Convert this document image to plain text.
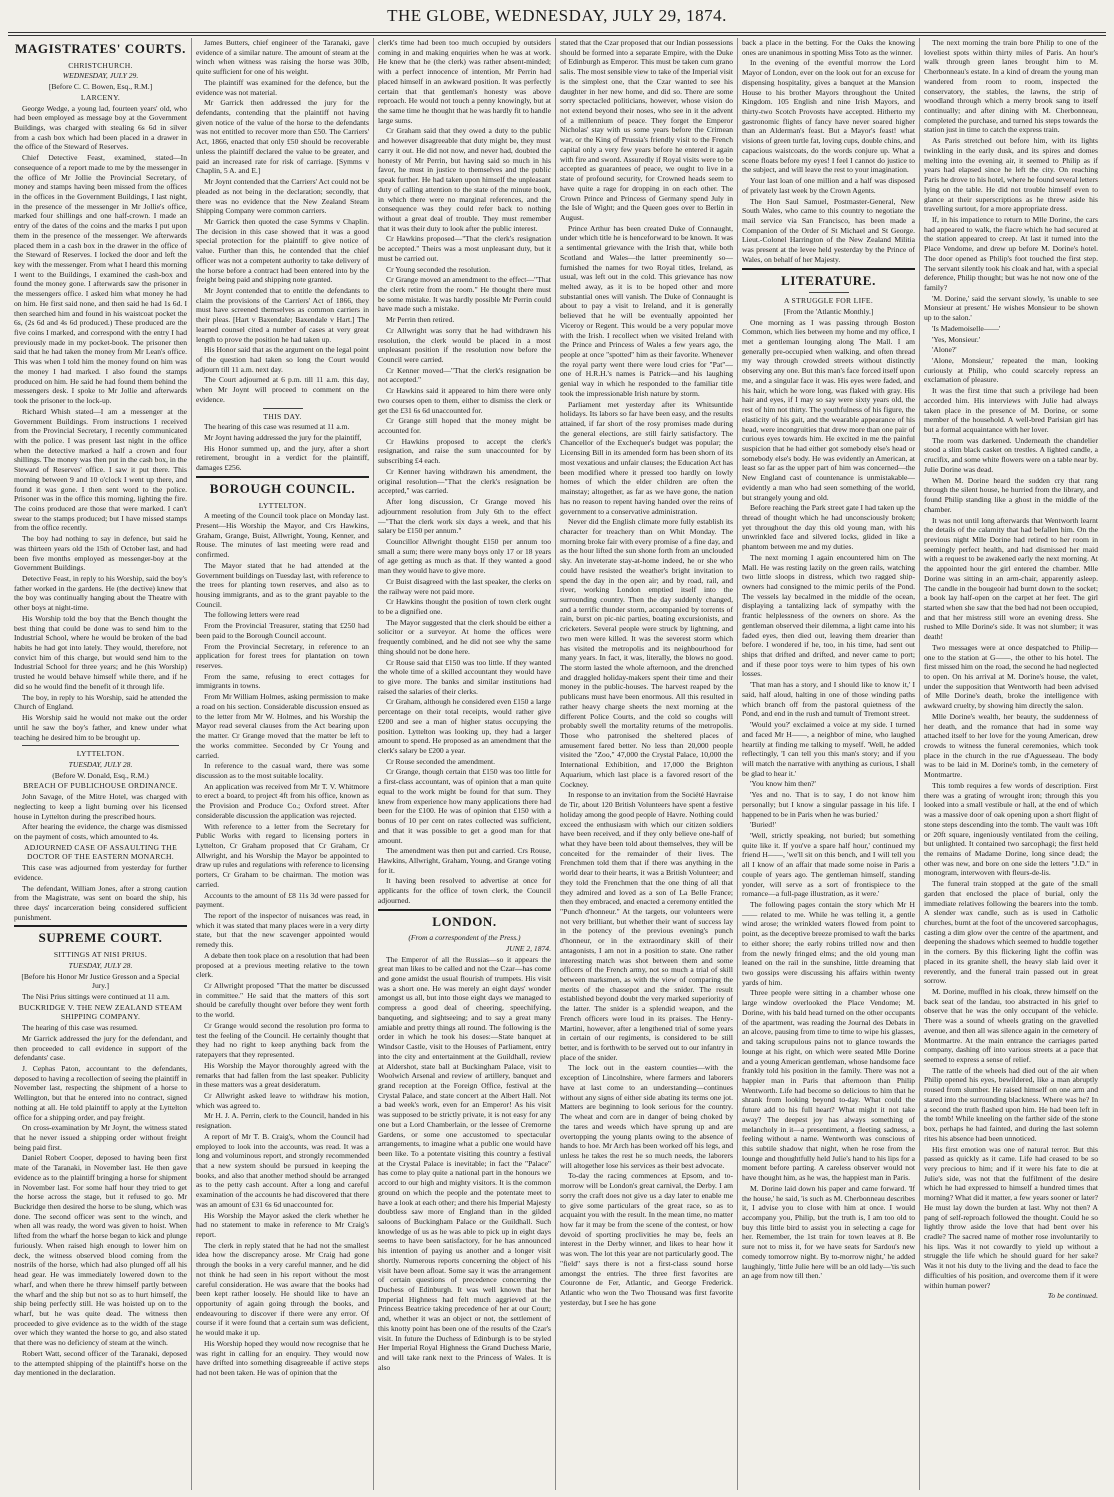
THE GLOBE, WEDNESDAY, JULY 29, 1874.
MAGISTRATES' COURTS.

CHRISTCHURCH.

WEDNESDAY, JULY 29.

[Before C. C. Bowen, Esq., R.M.]

LARCENY.

George Wedge, a young lad, fourteen years' old, who had been employed as message boy at the Government Buildings, was charged with stealing 6s 6d in silver from a cash box which had been placed in a drawer in the office of the Steward of Reserves.

Chief Detective Feast, examined, stated—In consequence of a report made to me by the messenger in the office of Mr Jollie the Provincial Secretary, of money and stamps having been missed from the offices in the offices in the Government Buildings, I last night, in the presence of the messenger in Mr Jollie's office, marked four shillings and one half-crown. I made an entry of the dates of the coins and the marks I put upon them in the presence of the messenger. We afterwards placed them in a cash box in the drawer in the office of the Steward of Reserves. I locked the door and left the key with the messenger. From what I heard this morning I went to the Buildings, I examined the cash-box and found the money gone. I afterwards saw the prisoner in the messengers office. I asked him what money he had on him. He first said none, and then said he had 1s 6d. I then searched him and found in his waistcoat pocket the 6s, (2s 6d and 4s 6d produced.) These produced are the five coins I marked, and correspond with the entry I had previously made in my pocket-book. The prisoner then said that he had taken the money from Mr Lean's office. This was when I told him the money found on him was the money I had marked. I also found the stamps produced on him. He said he had found them behind the messengers desk. I spoke to Mr Jollie and afterwards took the prisoner to the lock-up.

Richard Whish stated—I am a messenger at the Government Buildings. From instructions I received from the Provincial Secretary, I recently communicated with the police. I was present last night in the office when the detective marked a half a crown and four shillings. The money was then put in the cash box, in the Steward of Reserves' office. I saw it put there. This morning between 9 and 10 o'clock I went up there, and found it was gone. I then sent word to the police. Prisoner was in the office this morning, lighting the fire. The coins produced are those that were marked. I can't swear to the stamps produced; but I have missed stamps from the office recently.

The boy had nothing to say in defence, but said he was thirteen years old the 15th of October last, and had been five months employed as messenger-boy at the Government Buildings.

Detective Feast, in reply to his Worship, said the boy's father worked in the gardens. He (the dective) knew that the boy was continually hanging about the Theatre with other boys at night-time.

His Worship told the boy that the Bench thought the best thing that could be done was to send him to the Industrial School, where he would be broken of the bad habits he had got into lately. They would, therefore, not convict him of this charge, but would send him to the Industrial School for three years; and he (his Worship) trusted he would behave himself while there, and if he did so he would find the benefit of it through life.

The boy, in reply to his Worship, said he attended the Church of England.

His Worship said he would not make out the order until he saw the boy's father, and knew under what teaching he desired him to be brought up.

LYTTELTON.

TUESDAY, JULY 28.

(Before W. Donald, Esq., R.M.)

BREACH OF PUBLICHOUSE ORDINANCE.

John Savage, of the Mitre Hotel, was charged with neglecting to keep a light burning over his licensed house in Lyttelton during the prescribed hours.

After hearing the evidence, the charge was dismissed on the payment of costs, which amounted to 4s.

ADJOURNED CASE OF ASSAULTING THE DOCTOR OF THE EASTERN MONARCH.

This case was adjourned from yesterday for further evidence.

The defendant, William Jones, after a strong caution from the Magistrate, was sent on board the ship, his three days' incarceration being considered sufficient punishment.

SUPREME COURT.

SITTINGS AT NISI PRIUS.

TUESDAY, JULY 28.

[Before his Honor Mr Justice Gresson and a Special Jury.]

The Nisi Prius sittings were continued at 11 a.m.

BUCKRIDGE V. THE NEW ZEALAND STEAM SHIPPING COMPANY.

The hearing of this case was resumed.

Mr Garrick addressed the jury for the defendant, and then proceeded to call evidence in support of the defendants' case.

J. Cephas Paton, accountant to the defendants, deposed to having a recollection of seeing the plaintiff in November last, respecting the shipment of a horse to Wellington, but that he entered into no contract, signed nothing at all. He told plaintiff to apply at the Lyttelton office for a shipping order, and pay freight.

On cross-examination by Mr Joynt, the witness stated that he never issued a shipping order without freight being paid first.

Daniel Robert Cooper, deposed to having been first mate of the Taranaki, in November last. He then gave evidence as to the plaintiff bringing a horse for shipment in November last. For some half hour they tried to get the horse across the stage, but it refused to go. Mr Buckridge then desired the horse to be slung, which was done. The second officer was sent to the winch, and when all was ready, the word was given to hoist. When lifted from the wharf the horse began to kick and plunge furiously. When raised high enough to lower him on deck, the witness observed blood coming from the nostrils of the horse, which had also plunged off all his head gear. He was immediately lowered down to the wharf, and when there he threw himself partly between the wharf and the ship but not so as to hurt himself, the ship being perfectly still. He was hoisted up on to the wharf, but he was quite dead. The witness then proceeded to give evidence as to the width of the stage over which they wanted the horse to go, and also stated that there was no deficiency of steam at the winch.

Robert Watt, second officer of the Taranaki, deposed to the attempted shipping of the plaintiff's horse on the day mentioned in the declaration.

James Butters, chief engineer of the Taranaki, gave evidence of a similar nature. The amount of steam at the winch when witness was raising the horse was 30lb, quite sufficient for one of his weight.

The plaintiff was examined for the defence, but the evidence was not material.

Mr Garrick then addressed the jury for the defendants, contending that the plaintiff not having given notice of the value of the horse to the defendants was not entitled to recover more than £50. The Carriers' Act, 1866, enacted that only £50 should be recoverable unless the plaintiff declared the value to be greater, and paid an increased rate for risk of carriage. [Symms v Chaplin, 5 A. and E.]

Mr Joynt contended that the Carriers' Act could not be pleaded as not being in the declaration; secondly, that there was no evidence that the New Zealand Steam Shipping Company were common carriers.

Mr Garrick then quoted the case Symms v Chaplin. The decision in this case showed that it was a good special protection for the plaintiff to give notice of value. Further than this, he contended that the chief officer was not a competent authority to take delivery of the horse before a contract had been entered into by the freight being paid and shipping note granted.

Mr Joynt contended that to entitle the defendants to claim the provisions of the Carriers' Act of 1866, they must have screened themselves as common carriers in their pleas. [Hart v Baxendale; Baxendale v Hart.] The learned counsel cited a number of cases at very great length to prove the position he had taken up.

His Honor said that as the argument on the legal point of the question had taken so long the Court would adjourn till 11 a.m. next day.

The Court adjourned at 6 p.m. till 11 a.m. this day, when Mr Joynt will proceed to comment on the evidence.

THIS DAY.

The hearing of this case was resumed at 11 a.m.

Mr Joynt having addressed the jury for the plaintiff,

His Honor summed up, and the jury, after a short retirement, brought in a verdict for the plaintiff, damages £256.

BOROUGH COUNCIL.

LYTTELTON.

A meeting of the Council took place on Monday last. Present—His Worship the Mayor, and Crs Hawkins, Graham, Grange, Buist, Allwright, Young, Kenner, and Rouse. The minutes of last meeting were read and confirmed.

The Mayor stated that he had attended at the Government buildings on Tuesday last, with reference to the trees for planting town reserves, and also as to housing immigrants, and as to the grant payable to the Council.

The following letters were read

From the Provincial Treasurer, stating that £250 had been paid to the Borough Council account.

From the Provincial Secretary, in reference to an application for forest trees for plantation on town reserves.

From the same, refusing to erect cottages for immigrants in towns.

From Mr William Holmes, asking permission to make a road on his section. Considerable discussion ensued as to the letter from Mr W. Holmes, and his Worship the Mayor read several clauses from the Act bearing upon the matter. Cr Grange moved that the matter be left to the works committee. Seconded by Cr Young and carried.

In reference to the casual ward, there was some discussion as to the most suitable locality.

An application was received from Mr T. V. Whitmore to erect a board, to project 4ft from his office, known as the Provision and Produce Co.; Oxford street. After considerable discussion the application was rejected.

With reference to a letter from the Secretary for Public Works with regard to licensing porters in Lyttelton, Cr Graham proposed that Cr Graham, Cr Allwright, and his Worship the Mayor be appointed to draw up rules and regulations with reference to licensing porters, Cr Graham to be chairman. The motion was carried.

Accounts to the amount of £8 11s 3d were passed for payment.

The report of the inspector of nuisances was read, in which it was stated that many places were in a very dirty state, but that the new scavenger appointed would remedy this.

A debate then took place on a resolution that had been proposed at a previous meeting relative to the town clerk.

Cr Allwright proposed "That the matter be discussed in committee." He said that the matters of this sort should be carefully thought over before they went forth to the world.

Cr Grange would second the resolution pro forma to test the feeling of the Council. He certainly thought that they had no right to keep anything back from the ratepayers that they represented.

His Worship the Mayor thoroughly agreed with the remarks that had fallen from the last speaker. Publicity in these matters was a great desideratum.

Cr Allwright asked leave to withdraw his motion, which was agreed to.

Mr H. J. A. Perrin, clerk to the Council, handed in his resignation.

A report of Mr T. B. Craig's, whom the Council had employed to look into the accounts, was read. It was a long and voluminous report, and strongly recommended that a new system should be pursued in keeping the books, and also that another method should be arranged as to the petty cash account. After a long and careful examination of the accounts he had discovered that there was an amount of £31 6s 6d unaccounted for.

His Worship the Mayor asked the clerk whether he had no statement to make in reference to Mr Craig's report.

The clerk in reply stated that he had not the smallest idea how the discrepancy arose. Mr Craig had gone through the books in a very careful manner, and he did not think he had seen in his report without the most careful consideration. He was aware that the books had been kept rather loosely. He should like to have an opportunity of again going through the books, and endeavouring to discover if there were any error. Of course if it were found that a certain sum was deficient, he would make it up.

His Worship hoped they would now recognise that he was right in calling for an enquiry. They would now have drifted into something disagreeable if active steps had not been taken. He was of opinion that the

clerk's time had been too much occupied by outsiders coming in and making enquiries when he was at work. He knew that he (the clerk) was rather absent-minded; with a perfect innocence of intention, Mr Perrin had placed himself in an awkward position. It was perfectly certain that that gentleman's honesty was above reproach. He would not touch a penny knowingly, but at the same time he thought that he was hardly fit to handle large sums.

Cr Graham said that they owed a duty to the public and however disagreeable that duty might be, they must carry it out. He did not now, and never had, doubted the honesty of Mr Perrin, but having said so much in his favor, he must in justice to themselves and the public speak further. He had taken upon himself the unpleasant duty of calling attention to the state of the minute book, in which there were no marginal references, and the consequence was they could refer back to nothing without a great deal of trouble. They must remember that it was their duty to look after the public interest.

Cr Hawkins proposed—"That the clerk's resignation be accepted." Theirs was a most unpleasant duty, but it must be carried out.

Cr Young seconded the resolution.

Cr Grange moved an amendment to the effect—"That the clerk retire from the room." He thought there must be some mistake. It was hardly possible Mr Perrin could have made such a mistake.

Mr Perrin then retired.

Cr Allwright was sorry that he had withdrawn his resolution, the clerk would be placed in a most unpleasant position if the resolution now before the Council were carried.

Cr Kenner moved—"That the clerk's resignation be not accepted."

Cr Hawkins said it appeared to him there were only two courses open to them, either to dismiss the clerk or get the £31 6s 6d unaccounted for.

Cr Grange still hoped that the money might be accounted for.

Cr Hawkins proposed to accept the clerk's resignation, and raise the sum unaccounted for by subscribing £4 each.

Cr Kenner having withdrawn his amendment, the original resolution—"That the clerk's resignation be accepted," was carried.

After long discussion, Cr Grange moved his adjournment resolution from July 6th to the effect—"That the clerk work six days a week, and that his salary be £150 per annum."

Councillor Allwright thought £150 per annum too small a sum; there were many boys only 17 or 18 years of age getting as much as that. If they wanted a good man they would have to give more.

Cr Buist disagreed with the last speaker, the clerks on the railway were not paid more.

Cr Hawkins thought the position of town clerk ought to be a dignified one.

The Mayor suggested that the clerk should be either a solicitor or a surveyor. At home the offices were frequently combined, and he did not see why the same thing should not be done here.

Cr Rouse said that £150 was too little. If they wanted the whole time of a skilled accountant they would have to give more. The banks and similar institutions had raised the salaries of their clerks.

Cr Graham, although he considered even £150 a large percentage on their total receipts, would rather give £200 and see a man of higher status occupying the position. Lyttelton was looking up, they had a larger amount to spend. He proposed as an amendment that the clerk's salary be £200 a year.

Cr Rouse seconded the amendment.

Cr Grange, though certain that £150 was too little for a first-class accountant, was of opinion that a man quite equal to the work might be found for that sum. They knew from experience how many applications there had been for the £100. He was of opinion that £150 with a bonus of 10 per cent on rates collected was sufficient, and that it was possible to get a good man for that amount.

The amendment was then put and carried. Crs Rouse, Hawkins, Allwright, Graham, Young, and Grange voting for it.

It having been resolved to advertise at once for applicants for the office of town clerk, the Council adjourned.

LONDON.

(From a correspondent of the Press.)

JUNE 2, 1874.

The Emperor of all the Russias—so it appears the great man likes to be called and not the Czar—has come and gone amidst the usual flourish of trumpets. His visit was a short one. He was merely an eight days' wonder amongst us all, but into those eight days we managed to compress a good deal of cheering, speechifying, banqueting, and sightseeing; and to say a great many amiable and pretty things all round. The following is the order in which he took his doses:—State banquet at Windsor Castle, visit to the Houses of Parliament, entry into the city and entertainment at the Guildhall, review at Aldershot, state ball at Buckingham Palace, visit to Woolwich Arsenal and review of artillery, banquet and grand reception at the Foreign Office, festival at the Crystal Palace, and state concert at the Albert Hall. Not a bad week's work, even for an Emperor! As his visit was supposed to be strictly private, it is not easy for any one but a Lord Chamberlain, or the lessee of Cremorne Gardens, or some one accustomed to spectacular arrangements, to imagine what a public one would have been like. To a potentate visiting this country a festival at the Crystal Palace is inevitable; in fact the "Palace" has come to play quite a national part in the honours we accord to our high and mighty visitors. It is the common ground on which the people and the potentate meet to have a look at each other; and there his Imperial Majesty doubtless saw more of England than in the gilded saloons of Buckingham Palace or the Guildhall. Such knowledge of us as he was able to pick up in eight days seems to have been satisfactory, for he has announced his intention of paying us another and a longer visit shortly. Numerous reports concerning the object of his visit have been afloat. Some say it was the arrangement of certain questions of precedence concerning the Duchess of Edinburgh. It was well known that her Imperial Highness had felt much aggrieved at the Princess Beatrice taking precedence of her at our Court; and, whether it was an object or not, the settlement of this knotty point has been one of the results of the Czar's visit. In future the Duchess of Edinburgh is to be styled Her Imperial Royal Highness the Grand Duchess Marie, and will take rank next to the Princess of Wales. It is also

stated that the Czar proposed that our Indian possessions should be formed into a separate Empire, with the Duke of Edinburgh as Emperor. This must be taken cum grano salis. The most sensible view to take of the Imperial visit is the simplest one, that the Czar wanted to see his daughter in her new home, and did so. There are some sorry spectacled politicians, however, whose vision do not extend beyond their noses, who see in it the advent of a millennium of peace. They forget the Emperor Nicholas' stay with us some years before the Crimean war, or the King of Prussia's friendly visit to the French capital only a very few years before he entered it again with fire and sword. Assuredly if Royal visits were to be accepted as guarantees of peace, we ought to live in a state of profound security, for Crowned heads seem to have quite a rage for dropping in on each other. The Crown Prince and Princess of Germany spend July in the Isle of Wight; and the Queen goes over to Berlin in August.

Prince Arthur has been created Duke of Connaught, under which title he is henceforward to be known. It was a sentimental grievance with the Irish that, while both Scotland and Wales—the latter preeminently so—furnished the names for two Royal titles, Ireland, as usual, was left out in the cold. This grievance has now melted away, as it is to be hoped other and more substantial ones will vanish. The Duke of Connaught is about to pay a visit to Ireland, and it is generally believed that he will be eventually appointed her Viceroy or Regent. This would be a very popular move with the Irish. I recollect when we visited Ireland with the Prince and Princess of Wales a few years ago, the people at once "spotted" him as their favorite. Whenever the royal party went there were loud cries for "Pat"—one of H.R.H.'s names is Patrick—and his laughing genial way in which he responded to the familiar title took the impressionable Irish nature by storm.

Parliament met yesterday after its Whitsuntide holidays. Its labors so far have been easy, and the results attained, if far short of the rosy promises made during the general elections, are still fairly satisfactory. The Chancellor of the Exchequer's budget was popular; the Licensing Bill in its amended form has been shorn of its most vexatious and unfair clauses; the Education Act has been modified where it pressed too hardly on lowly homes of which the elder children are often the mainstay; altogether, as far as we have gone, the nation has no reason to repent having handed over the reins of government to a conservative administration.

Never did the English climate more fully establish its character for treachery than on Whit Monday. The morning broke fair with every promise of a fine day, and as the hour lifted the sun shone forth from an unclouded sky. An inveterate stay-at-home indeed, he or she who could have resisted the weather's bright invitation to spend the day in the open air; and by road, rail, and river, working London emptied itself into the surrounding country. Then the day suddenly changed, and a terrific thunder storm, accompanied by torrents of rain, burst on pic-nic parties, boating excursionists, and cricketers. Several people were struck by lightning, and two men were killed. It was the severest storm which has visited the metropolis and its neighbourhood for many years. In fact, it was, literally, the blows no good. The storm lasted the whole afternoon, and the drenched and draggled holiday-makers spent their time and their money in the public-houses. The harvest reaped by the publicans must have been enormous. All this resulted in rather heavy charge sheets the next morning at the different Police Courts, and the cold so coughs will probably swell the mortality returns of the metropolis. Those who patronised the sheltered places of amusement fared better. No less than 20,000 people visited the "Zoo," 47,000 the Crystal Palace, 10,000 the International Exhibition, and 17,000 the Brighton Aquarium, which last place is a favored resort of the Cockney.

In response to an invitation from the Société Havraise de Tir, about 120 British Volunteers have spent a festive holiday among the good people of Havre. Nothing could exceed the enthusiasm with which our citizen soldiers have been received, and if they only believe one-half of what they have been told about themselves, they will be conceited for the remainder of their lives. The Frenchmen told them that if there was anything in the world dear to their hearts, it was a British Volunteer; and they told the Frenchmen that the one thing of all that they admired and loved as a son of La Belle France; then they embraced, and enacted a ceremony entitled the "Punch d'honneur." At the targets, our volunteers were not very brilliant, but whether their want of success lay in the potency of the previous evening's punch d'honneur, or in the extraordinary skill of their antagonists, I am not in a position to state. One rather interesting match was shot between them and some officers of the French army, not so much a trial of skill between marksmen, as with the view of comparing the merits of the chassepot and the snider. The result established beyond doubt the very marked superiority of the latter. The snider is a splendid weapon, and the French officers were loud in its praises. The Henry-Martini, however, after a lengthened trial of some years in certain of our regiments, is considered to be still better, and is forthwith to be served out to our infantry in place of the snider.

The lock out in the eastern counties—with the exception of Lincolnshire, where farmers and laborers have at last come to an understanding—continues without any signs of either side abating its terms one jot. Matters are beginning to look serious for the country. The wheat and corn are in danger of being choked by the tares and weeds which have sprung up and are overtopping the young plants owing to the absence of hands to hoe. Mr Arch has been worked off his legs, and unless he takes the rest he so much needs, the laborers will altogether lose his services as their best advocate.

To-day the racing commences at Epsom, and to-morrow will be London's great carnival, the Derby. I am sorry the craft does not give us a day later to enable me to give some particulars of the great race, so as to acquaint you with the result. In the mean time, no matter how far it may be from the scene of the contest, or how devoid of sporting proclivities he may be, feels an interest in the Derby winner, and likes to hear how it was won. The lot this year are not particularly good. The "field" says there is not a first-class sound horse amongst the entries. The three first favorites are Couronne de Fer, Atlantic, and George Frederick. Atlantic who won the Two Thousand was first favorite yesterday, but I see he has gone

back a place in the betting. For the Oaks the knowing ones are unanimous in spotting Miss Toto as the winner.

In the evening of the eventful morrow the Lord Mayor of London, ever on the look out for an excuse for dispensing hospitality, gives a banquet at the Mansion House to his brother Mayors throughout the United Kingdom. 105 English and nine Irish Mayors, and thirty-two Scotch Provosts have accepted. Hitherto my gastronomic flights of fancy have never soared higher than an Alderman's feast. But a Mayor's feast! what visions of green turtle fat, loving cups, double chins, and capacious waistcoats, do the words conjure up. What a scene floats before my eyes! I feel I cannot do justice to the subject, and will leave the rest to your imagination.

Your last loan of one million and a half was disposed of privately last week by the Crown Agents.

The Hon Saul Samuel, Postmaster-General, New South Wales, who came to this country to negotiate the mail service via San Francisco, has been made a Companion of the Order of St Michael and St George. Lieut.-Colonel Harrington of the New Zealand Militia was present at the levee held yesterday by the Prince of Wales, on behalf of her Majesty.

LITERATURE.

A STRUGGLE FOR LIFE.

[From the 'Atlantic Monthly.]

One morning as I was passing through Boston Common, which lies between my home and my office, I met a gentleman lounging along The Mall. I am generally pre-occupied when walking, and often thread my way through crowded streets without distinctly observing any one. But this man's face forced itself upon me, and a singular face it was. His eyes were faded, and his hair, which he wore long, was flaked with gray. His hair and eyes, if I may so say were sixty years old, the rest of him not thirty. The youthfulness of his figure, the elasticity of his gait, and the wearable appearance of his head, were incongruities that drew more than one pair of curious eyes towards him. He excited in me the painful suspicion that he had either got somebody else's head or somebody else's body. He was evidently an American, at least so far as the upper part of him was concerned—the New England cast of countenance is unmistakable—evidently a man who had seen something of the world, but strangely young and old.

Before reaching the Park street gate I had taken up the thread of thought which he had unconsciously broken; yet throughout the day this old young man, with his unwrinkled face and silvered locks, glided in like a phantom between me and my duties.

The next morning I again encountered him on The Mall. He was resting lazily on the green rails, watching two little sloops in distress, which two ragged ship-owners had consigned to the mimic perils of the Pond. The vessels lay becalmed in the middle of the ocean, displaying a tantalizing lack of sympathy with the frantic helplessness of the owners on shore. As the gentleman observed their dilemma, a light came into his faded eyes, then died out, leaving them drearier than before. I wondered if he, too, in his time, had sent out ships that drifted and drifted, and never came to port; and if these poor toys were to him types of his own losses.

'That man has a story, and I should like to know it,' I said, half aloud, halting in one of those winding paths which branch off from the pastoral quietness of the Pond, and end in the rush and tumult of Tremont street.

'Would you?' exclaimed a voice at my side. I turned and faced Mr H——, a neighbor of mine, who laughed heartily at finding me talking to myself. 'Well, he added reflectingly, 'I can tell you this man's story; and if you will match the narrative with anything as curious, I shall be glad to hear it.'

'You know him then?'

'Yes and no. That is to say, I do not know him personally; but I know a singular passage in his life. I happened to be in Paris when he was buried.'

'Buried!'

'Well, strictly speaking, not buried; but something quite like it. If you've a spare half hour,' continued my friend H——, 'we'll sit on this bench, and I will tell you all I know of an affair that made some noise in Paris a couple of years ago. The gentleman himself, standing yonder, will serve as a sort of frontispiece to the romance—a full-page illustration, as it were.'

The following pages contain the story which Mr H—— related to me. While he was telling it, a gentle wind arose; the wrinkled waters flowed from point to point, as the deceptive breeze promised to waft the barks to either shore; the early robins trilled now and then from the newly fringed elms; and the old young man leaned on the rail in the sunshine, little dreaming that two gossips were discussing his affairs within twenty yards of him.

Three people were sitting in a chamber whose one large window overlooked the Place Vendome; M. Dorine, with his bald head turned on the other occupants of the apartment, was reading the Journal des Debats in an alcove, pausing from time to time to wipe his glasses, and taking scrupulous pains not to glance towards the lounge at his right, on which were seated Mlle Dorine and a young American gentleman, whose handsome face frankly told his position in the family. There was not a happier man in Paris that afternoon than Philip Wentworth. Life had become so delicious to him that he shrank from looking beyond to-day. What could the future add to his full heart? What might it not take away? The deepest joy has always something of melancholy in it—a presentiment, a fleeting sadness, a feeling without a name. Wentworth was conscious of this subtile shadow that night, when he rose from the lounge and thoughtfully held Julie's hand to his lips for a moment before parting. A careless observer would not have thought him, as he was, the happiest man in Paris.

M. Dorine laid down his paper and came forward. 'If the house,' he said, 'is such as M. Cherbonneau describes it, I advise you to close with him at once. I would accompany you, Philip, but the truth is, I am too old to buy this little bird to assist you in selecting a cage for her. Remember, the 1st train for town leaves at 8. Be sure not to miss it, for we have seats for Sardou's new comedy tomorrow night. By to-morrow night,' he added laughingly, 'little Julie here will be an old lady—'tis such an age from now till then.'

The next morning the train bore Philip to one of the loveliest spots within thirty miles of Paris. An hour's walk through green lanes brought him to M. Cherbonneau's estate. In a kind of dream the young man wandered from room to room, inspected the conservatory, the stables, the lawns, the strip of woodland through which a merry brook sang to itself continually; and after dining with M. Cherbonneau, completed the purchase, and turned his steps towards the station just in time to catch the express train.

As Paris stretched out before him, with its lights twinkling in the early dusk, and its spires and domes melting into the evening air, it seemed to Philip as if years had elapsed since he left the city. On reaching Paris he drove to his hotel, where he found several letters lying on the table. He did not trouble himself even to glance at their superscriptions as he threw aside his travelling surtout, for a more appropriate dress.

If, in his impatience to return to Mlle Dorine, the cars had appeared to walk, the fiacre which he had secured at the station appeared to creep. At last it turned into the Place Vendome, and drew up before M. Dorine's hotel. The door opened as Philip's foot touched the first step. The servant silently took his cloak and hat, with a special deference, Philip thought; but was he not now one of the family?

'M. Dorine,' said the servant slowly, 'is unable to see Monsieur at present.' He wishes Monsieur to be shown up to the salon.'

'Is Mademoiselle——'

'Yes, Monsieur.'

'Alone?'

'Alone, Monsieur,' repeated the man, looking curiously at Philip, who could scarcely repress an exclamation of pleasure.

It was the first time that such a privilege had been accorded him. His interviews with Julie had always taken place in the presence of M. Dorine, or some member of the household. A well-bred Parisian girl has but a formal acquaintance with her lover.

The room was darkened. Underneath the chandelier stood a slim black casket on trestles. A lighted candle, a crucifix, and some white flowers were on a table near by. Julie Dorine was dead.

When M. Dorine heard the sudden cry that rang through the silent house, he hurried from the library, and found Philip standing like a ghost in the middle of the chamber.

It was not until long afterwards that Wentworth learnt the details of the calamity that had befallen him. On the previous night Mlle Dorine had retired to her room in seemingly perfect health, and had dismissed her maid with a request to be awakened early the next morning. At the appointed hour the girl entered the chamber. Mlle Dorine was sitting in an arm-chair, apparently asleep. The candle in the bougeoir had burnt down to the socket; a book lay half-open on the carpet at her feet. The girl started when she saw that the bed had not been occupied, and that her mistress still wore an evening dress. She rushed to Mlle Dorine's side. It was not slumber; it was death!

Two messages were at once despatched to Philip—one to the station at G——, the other to his hotel. The first missed him on the road, the second he had neglected to open. On his arrival at M. Dorine's house, the valet, under the supposition that Wentworth had been advised of Mlle Dorine's death, broke the intelligence with awkward cruelty, by showing him directly the salon.

Mlle Dorine's wealth, her beauty, the suddenness of her death, and the romance that had in some way attached itself to her love for the young American, drew crowds to witness the funeral ceremonies, which took place in the church in the rue d'Aguesseau. The body was to be laid in M. Dorine's tomb, in the cemetery of Montmartre.

This tomb requires a few words of description. First there was a grating of wrought iron; through this you looked into a small vestibule or hall, at the end of which was a massive door of oak opening upon a short flight of stone steps descending into the tomb. The vault was 10ft or 20ft square, ingeniously ventilated from the ceiling, but unlighted. It contained two sarcophagi; the first held the remains of Madame Dorine, long since dead; the other was new, and bore on one side the letters "J.D." in monogram, interwoven with fleurs-de-lis.

The funeral train stopped at the gate of the small garden that enclosed the place of burial, only the immediate relatives following the bearers into the tomb. A slender wax candle, such as is used in Catholic churches, burnt at the foot of the uncovered sarcophagus, casting a dim glow over the centre of the apartment, and deepening the shadows which seemed to huddle together in the corners. By this flickering light the coffin was placed in its granite shell, the heavy slab laid over it reverently, and the funeral train passed out in great sorrow.

M. Dorine, muffled in his cloak, threw himself on the back seat of the landau, too abstracted in his grief to observe that he was the only occupant of the vehicle. There was a sound of wheels grating on the gravelled avenue, and then all was silence again in the cemetery of Montmartre. At the main entrance the carriages parted company, dashing off into various streets at a pace that seemed to express a sense of relief.

The rattle of the wheels had died out of the air when Philip opened his eyes, bewildered, like a man abruptly roused from slumber. He raised himself on one arm and stared into the surrounding blackness. Where was he? In a second the truth flashed upon him. He had been left in the tomb! While kneeling on the farther side of the stone box, perhaps he had fainted, and during the last solemn rites his absence had been unnoticed.

His first emotion was one of natural terror. But this passed as quickly as it came. Life had ceased to be so very precious to him; and if it were his fate to die at Julie's side, was not that the fulfilment of the desire which he had expressed to himself a hundred times that morning? What did it matter, a few years sooner or later? He must lay down the burden at last. Why not then? A pang of self-reproach followed the thought. Could he so lightly throw aside the love that had bent over his cradle? The sacred name of mother rose involuntarily to his lips. Was it not cowardly to yield up without a struggle the life which he should guard for her sake? Was it not his duty to the living and the dead to face the difficulties of his position, and overcome them if it were within human power?

To be continued.
